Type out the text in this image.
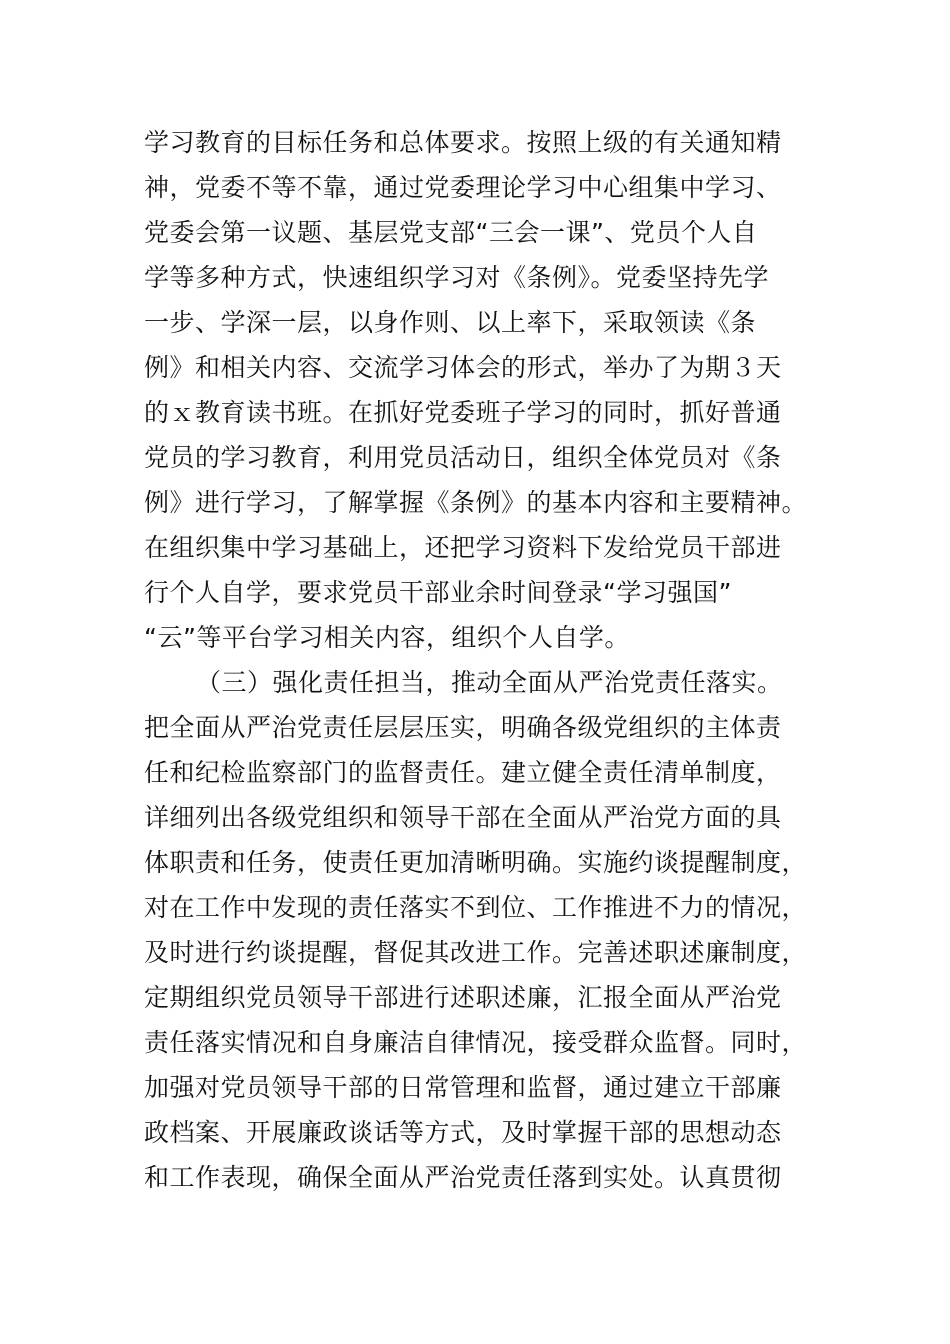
学习教育的目标任务和总体要求。按照上级的有关通知精
神，党委不等不靠，通过党委理论学习中心组集中学习、
党委会第一议题、基层党支部“三会一课”、党员个人自
学等多种方式，快速组织学习对《条例》。党委坚持先学
一步、学深一层，以身作则、以上率下，采取领读《条
例》和相关内容、交流学习体会的形式，举办了为期３天
的ｘ教育读书班。在抓好党委班子学习的同时，抓好普通
党员的学习教育，利用党员活动日，组织全体党员对《条
例》进行学习，了解掌握《条例》的基本内容和主要精神。
在组织集中学习基础上，还把学习资料下发给党员干部进
行个人自学，要求党员干部业余时间登录“学习强国”
“云”等平台学习相关内容，组织个人自学。
（三）强化责任担当，推动全面从严治党责任落实。
把全面从严治党责任层层压实，明确各级党组织的主体责
任和纪检监察部门的监督责任。建立健全责任清单制度，
详细列出各级党组织和领导干部在全面从严治党方面的具
体职责和任务，使责任更加清晰明确。实施约谈提醒制度，
对在工作中发现的责任落实不到位、工作推进不力的情况，
及时进行约谈提醒，督促其改进工作。完善述职述廉制度，
定期组织党员领导干部进行述职述廉，汇报全面从严治党
责任落实情况和自身廉洁自律情况，接受群众监督。同时，
加强对党员领导干部的日常管理和监督，通过建立干部廉
政档案、开展廉政谈话等方式，及时掌握干部的思想动态
和工作表现，确保全面从严治党责任落到实处。认真贯彻
